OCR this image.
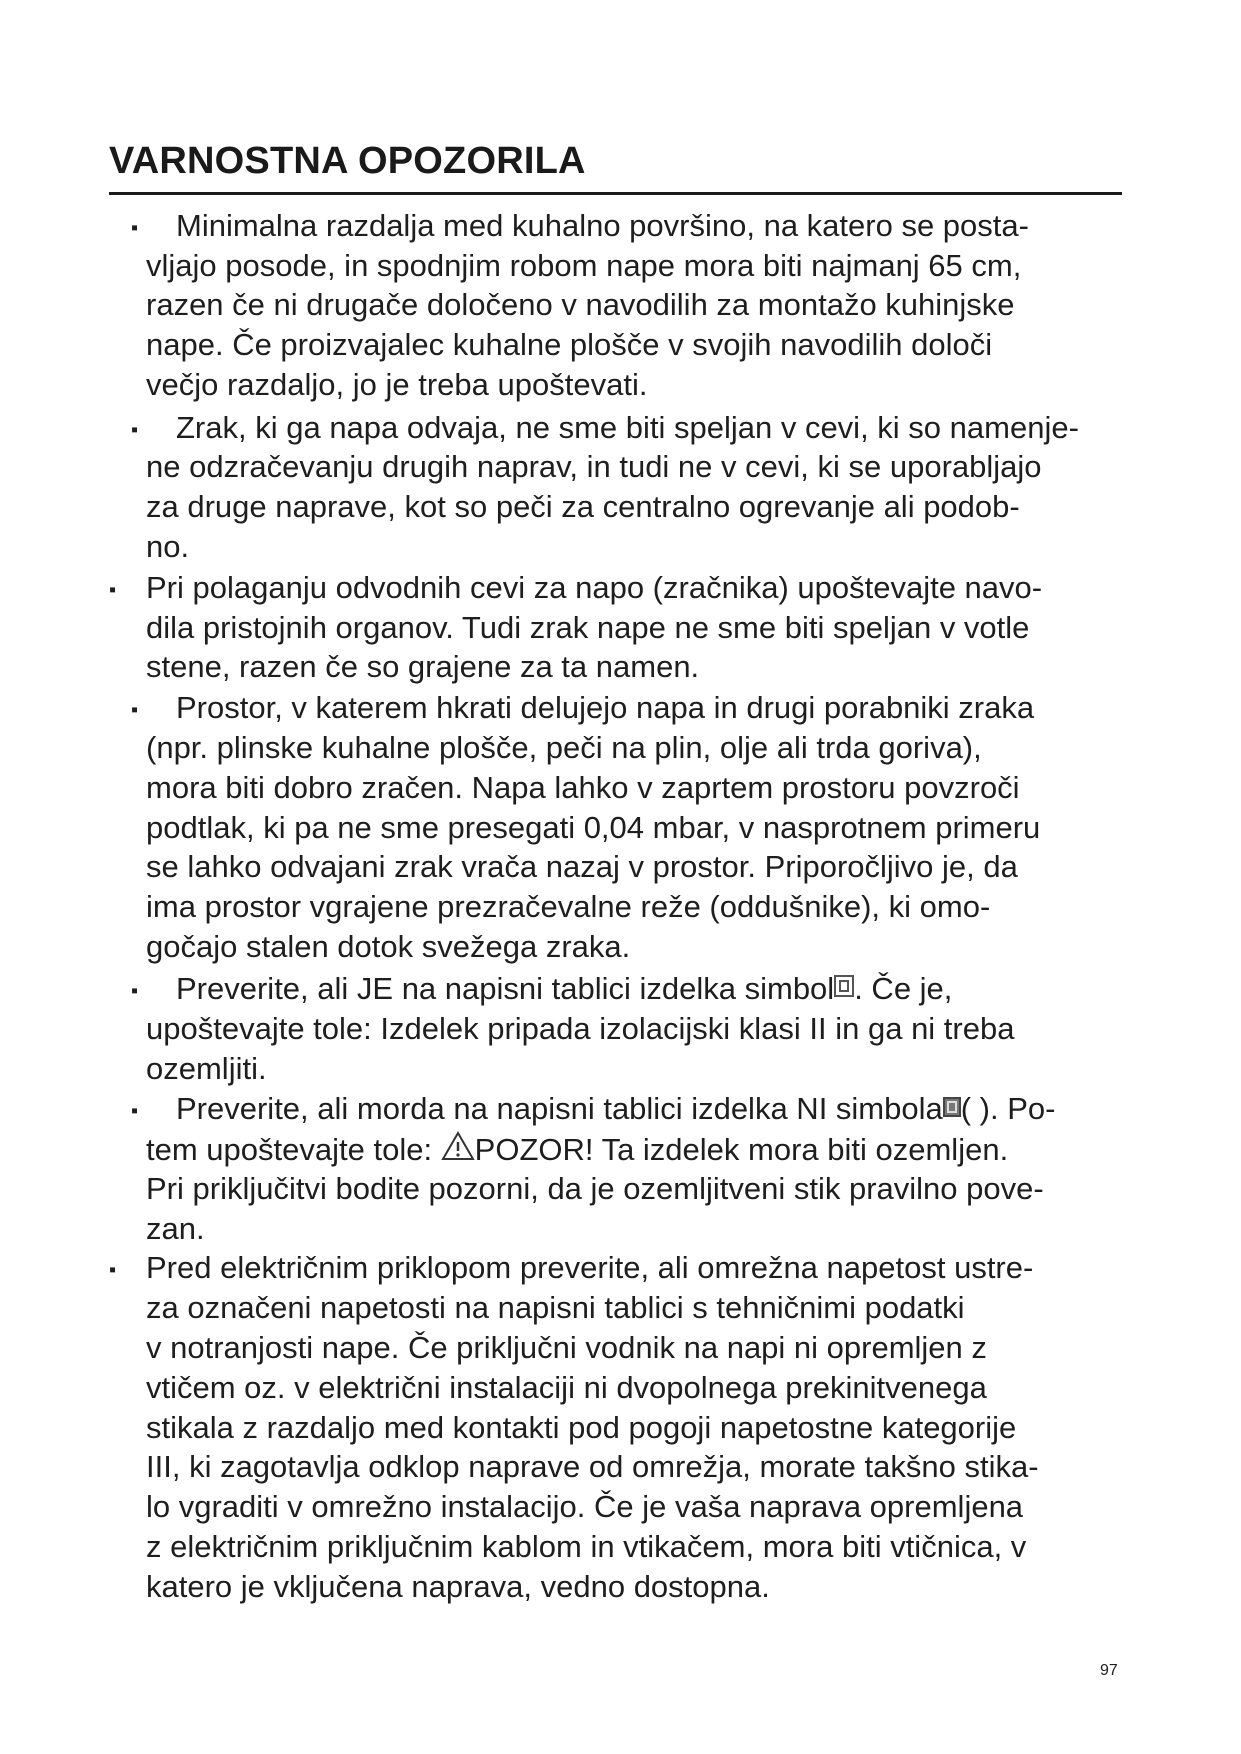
VARNOSTNA OPOZORILA
▪ Minimalna razdalja med kuhalno površino, na katero se posta-
vljajo posode, in spodnjim robom nape mora biti najmanj 65 cm,
razen če ni drugače določeno v navodilih za montažo kuhinjske
nape. Če proizvajalec kuhalne plošče v svojih navodilih določi
večjo razdaljo, jo je treba upoštevati.
▪ Zrak, ki ga napa odvaja, ne sme biti speljan v cevi, ki so namenje-
ne odzračevanju drugih naprav, in tudi ne v cevi, ki se uporabljajo
za druge naprave, kot so peči za centralno ogrevanje ali podob-
no.
▪ Pri polaganju odvodnih cevi za napo (zračnika) upoštevajte navo-
dila pristojnih organov. Tudi zrak nape ne sme biti speljan v votle
stene, razen če so grajene za ta namen.
▪ Prostor, v katerem hkrati delujejo napa in drugi porabniki zraka
(npr. plinske kuhalne plošče, peči na plin, olje ali trda goriva),
mora biti dobro zračen. Napa lahko v zaprtem prostoru povzroči
podtlak, ki pa ne sme presegati 0,04 mbar, v nasprotnem primeru
se lahko odvajani zrak vrača nazaj v prostor. Priporočljivo je, da
ima prostor vgrajene prezračevalne reže (oddušnike), ki omo-
gočajo stalen dotok svežega zraka.
▪ Preverite, ali JE na napisni tablici izdelka simbol . Če je,
upoštevajte tole: Izdelek pripada izolacijski klasi II in ga ni treba
ozemljiti.
▪ Preverite, ali morda na napisni tablici izdelka NI simbola ( ). Po-
tem upoštevajte tole: POZOR! Ta izdelek mora biti ozemljen.
Pri priključitvi bodite pozorni, da je ozemljitveni stik pravilno pove-
zan.
▪ Pred električnim priklopom preverite, ali omrežna napetost ustre-
za označeni napetosti na napisni tablici s tehničnimi podatki
v notranjosti nape. Če priključni vodnik na napi ni opremljen z
vtičem oz. v električni instalaciji ni dvopolnega prekinitvenega
stikala z razdaljo med kontakti pod pogoji napetostne kategorije
III, ki zagotavlja odklop naprave od omrežja, morate takšno stika-
lo vgraditi v omrežno instalacijo. Če je vaša naprava opremljena
z električnim priključnim kablom in vtikačem, mora biti vtičnica, v
katero je vključena naprava, vedno dostopna.
97
